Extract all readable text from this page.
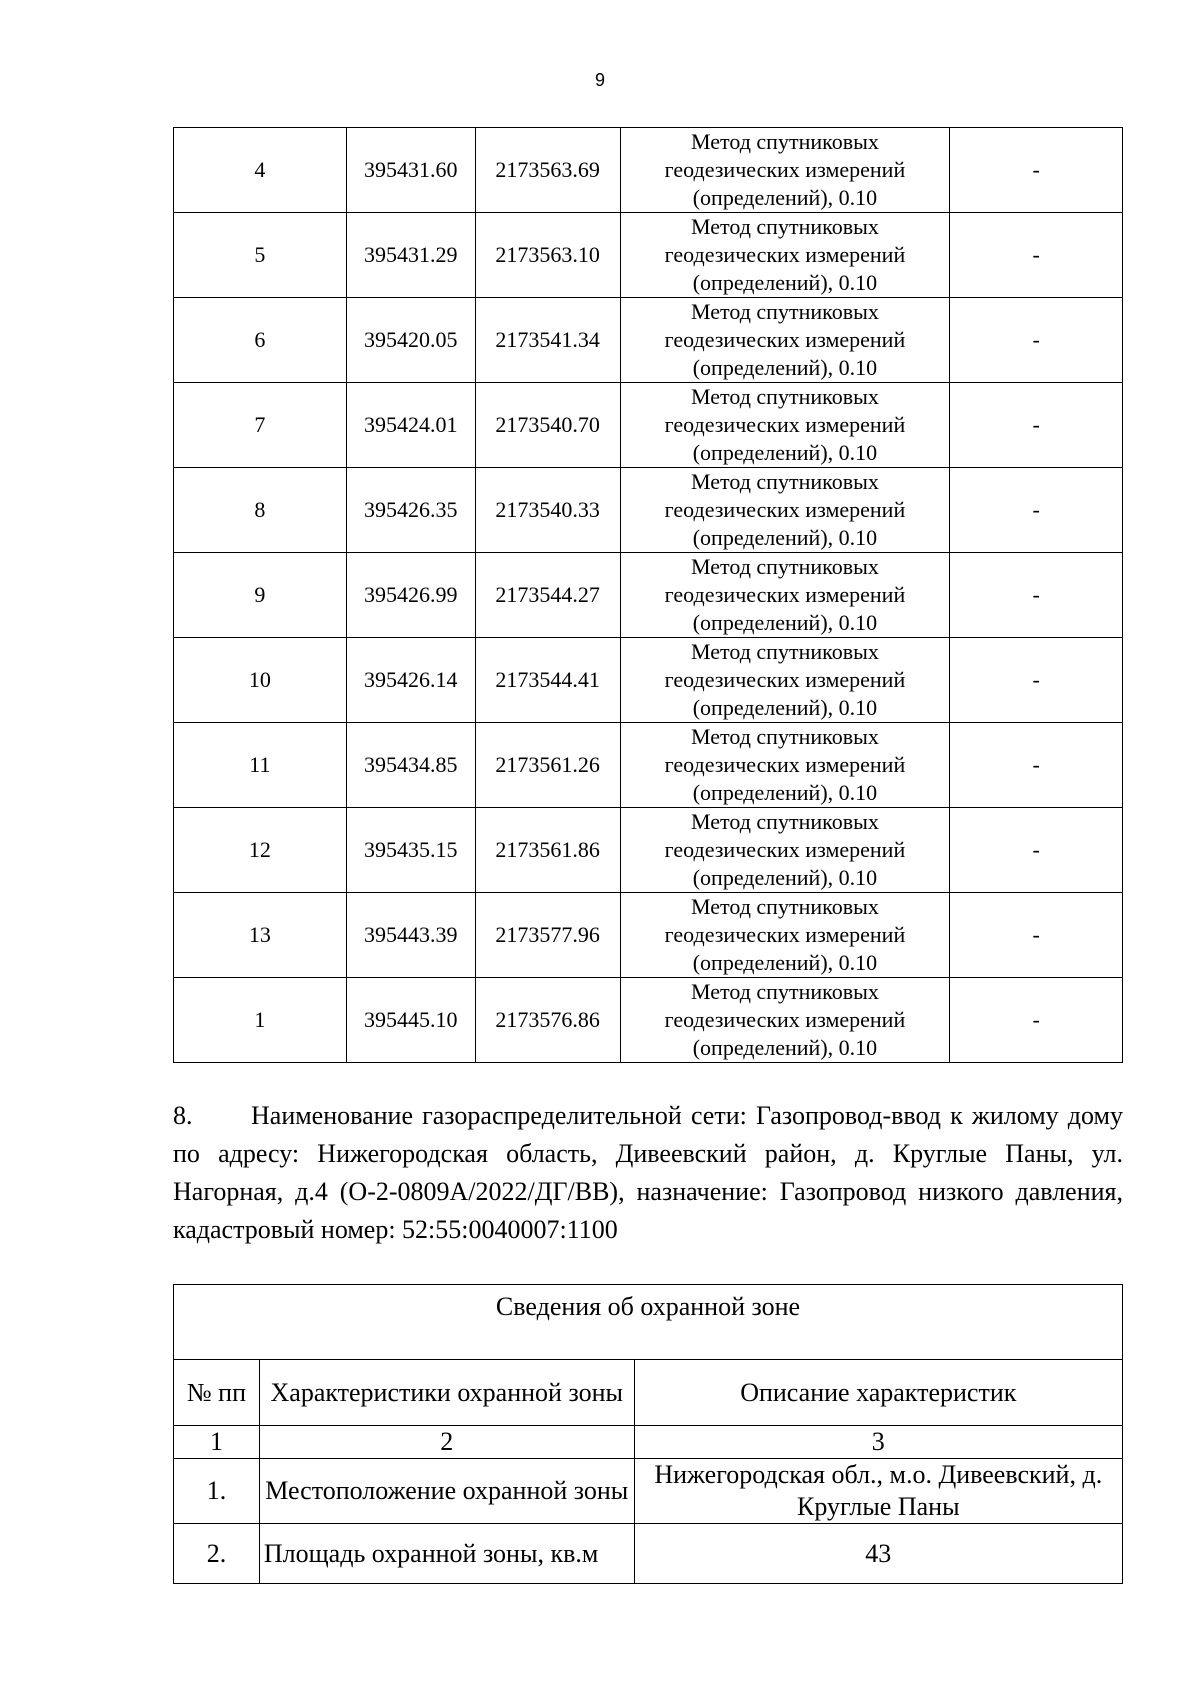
9
4	395431.60	2173563.69	Метод спутниковых
геодезических измерений
(определений), 0.10	-
5	395431.29	2173563.10	Метод спутниковых
геодезических измерений
(определений), 0.10	-
6	395420.05	2173541.34	Метод спутниковых
геодезических измерений
(определений), 0.10	-
7	395424.01	2173540.70	Метод спутниковых
геодезических измерений
(определений), 0.10	-
8	395426.35	2173540.33	Метод спутниковых
геодезических измерений
(определений), 0.10	-
9	395426.99	2173544.27	Метод спутниковых
геодезических измерений
(определений), 0.10	-
10	395426.14	2173544.41	Метод спутниковых
геодезических измерений
(определений), 0.10	-
11	395434.85	2173561.26	Метод спутниковых
геодезических измерений
(определений), 0.10	-
12	395435.15	2173561.86	Метод спутниковых
геодезических измерений
(определений), 0.10	-
13	395443.39	2173577.96	Метод спутниковых
геодезических измерений
(определений), 0.10	-
1	395445.10	2173576.86	Метод спутниковых
геодезических измерений
(определений), 0.10	-
8. Наименование газораспределительной сети: Газопровод-ввод к жилому дому по адресу: Нижегородская область, Дивеевский район, д. Круглые Паны, ул. Нагорная, д.4 (О-2-0809А/2022/ДГ/ВВ), назначение: Газопровод низкого давления, кадастровый номер: 52:55:0040007:1100
Сведения об охранной зоне		
№ пп	Характеристики охранной зоны	Описание характеристик
1	2	3
1.	Местоположение охранной зоны	Нижегородская обл., м.о. Дивеевский, д. Круглые Паны
2.	Площадь охранной зоны, кв.м	43
